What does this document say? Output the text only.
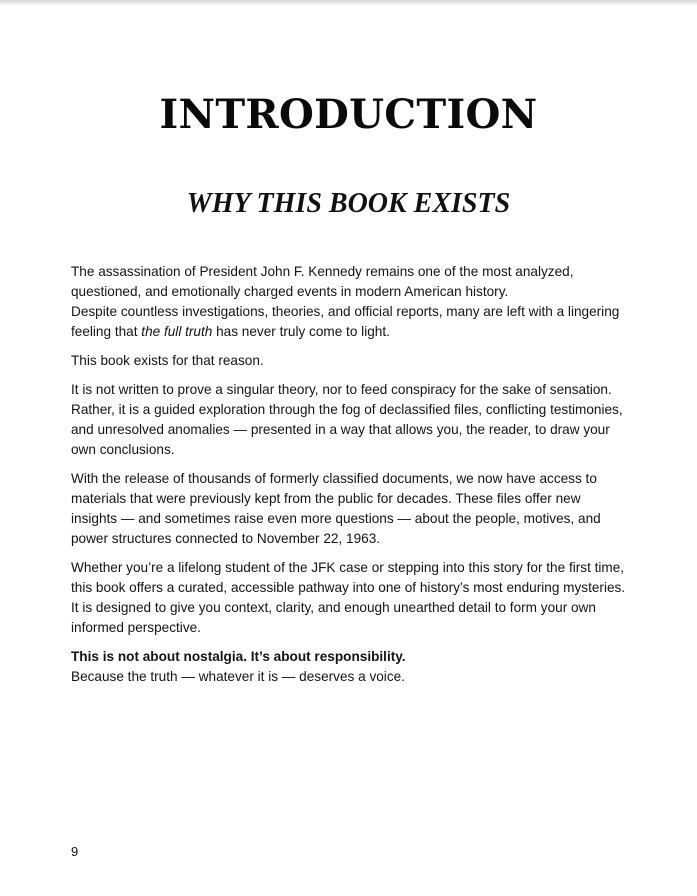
INTRODUCTION
WHY THIS BOOK EXISTS

The assassination of President John F. Kennedy remains one of the most analyzed, questioned, and emotionally charged events in modern American history.
Despite countless investigations, theories, and official reports, many are left with a lingering feeling that the full truth has never truly come to light.

This book exists for that reason.

It is not written to prove a singular theory, nor to feed conspiracy for the sake of sensation. Rather, it is a guided exploration through the fog of declassified files, conflicting testimonies, and unresolved anomalies — presented in a way that allows you, the reader, to draw your own conclusions.

With the release of thousands of formerly classified documents, we now have access to materials that were previously kept from the public for decades. These files offer new insights — and sometimes raise even more questions — about the people, motives, and power structures connected to November 22, 1963.

Whether you’re a lifelong student of the JFK case or stepping into this story for the first time, this book offers a curated, accessible pathway into one of history’s most enduring mysteries. It is designed to give you context, clarity, and enough unearthed detail to form your own informed perspective.

This is not about nostalgia. It’s about responsibility.
Because the truth — whatever it is — deserves a voice.

9
